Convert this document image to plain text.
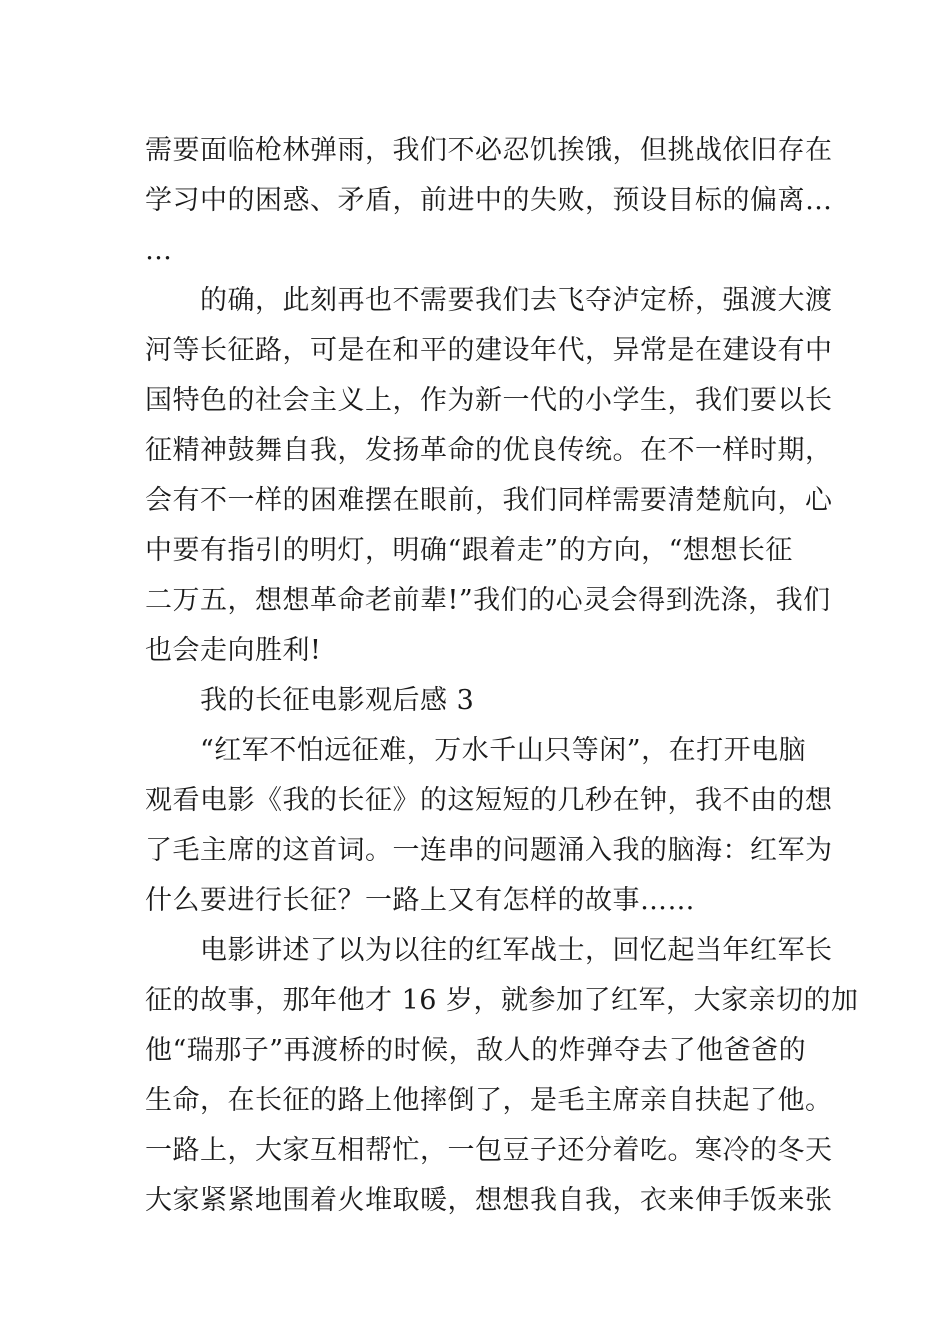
需要面临枪林弹雨，我们不必忍饥挨饿，但挑战依旧存在
学习中的困惑、矛盾，前进中的失败，预设目标的偏离…
…
　　的确，此刻再也不需要我们去飞夺泸定桥，强渡大渡
河等长征路，可是在和平的建设年代，异常是在建设有中
国特色的社会主义上，作为新一代的小学生，我们要以长
征精神鼓舞自我，发扬革命的优良传统。在不一样时期，
会有不一样的困难摆在眼前，我们同样需要清楚航向，心
中要有指引的明灯，明确“跟着走”的方向，“想想长征
二万五，想想革命老前辈!”我们的心灵会得到洗涤，我们
也会走向胜利!
　　我的长征电影观后感 3
　　“红军不怕远征难，万水千山只等闲”，在打开电脑
观看电影《我的长征》的这短短的几秒在钟，我不由的想
了毛主席的这首词。一连串的问题涌入我的脑海：红军为
什么要进行长征？一路上又有怎样的故事……
　　电影讲述了以为以往的红军战士，回忆起当年红军长
征的故事，那年他才 16 岁，就参加了红军，大家亲切的加
他“瑞那子”再渡桥的时候，敌人的炸弹夺去了他爸爸的
生命，在长征的路上他摔倒了，是毛主席亲自扶起了他。
一路上，大家互相帮忙，一包豆子还分着吃。寒冷的冬天
大家紧紧地围着火堆取暖，想想我自我，衣来伸手饭来张
